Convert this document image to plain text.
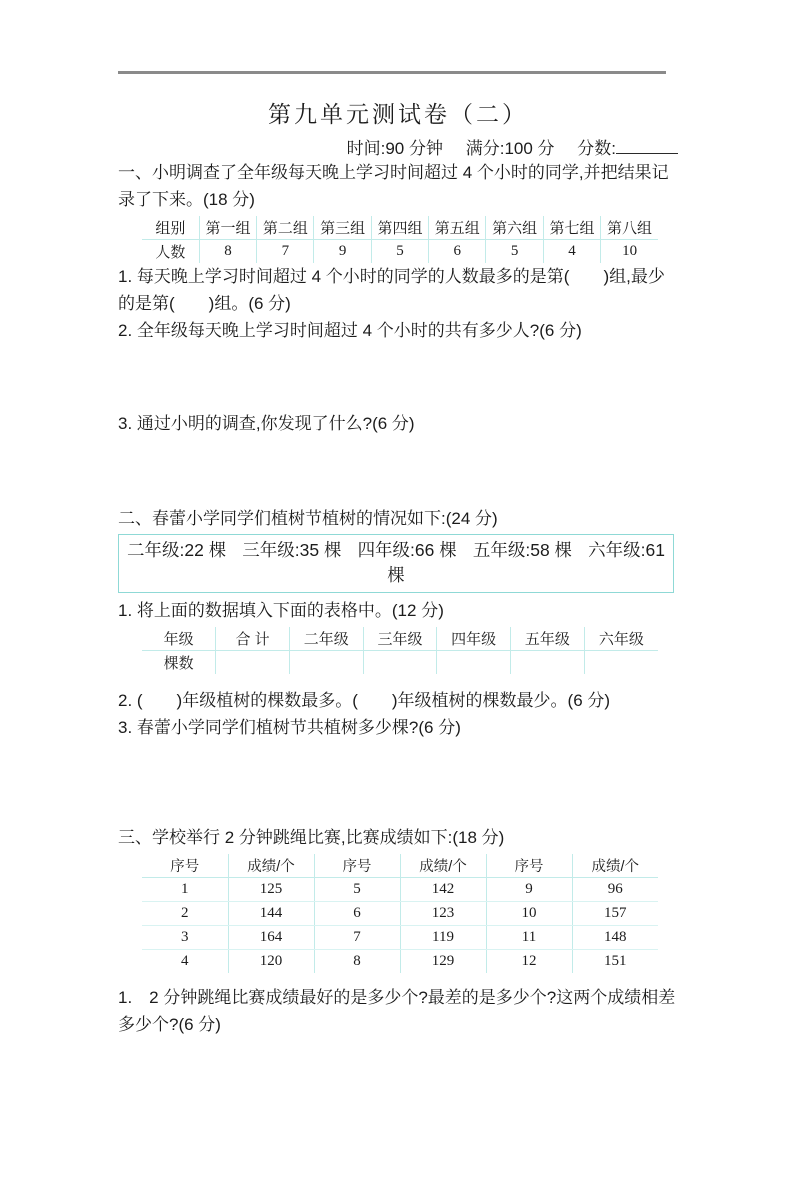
第九单元测试卷（二）
时间:90 分钟 满分:100 分 分数:

一、小明调查了全年级每天晚上学习时间超过 4 个小时的同学,并把结果记录了下来。(18 分)

组别	第一组	第二组	第三组	第四组	第五组	第六组	第七组	第八组
人数	8	7	9	5	6	5	4	10

1. 每天晚上学习时间超过 4 个小时的同学的人数最多的是第(　　)组,最少的是第(　　)组。(6 分)

2. 全年级每天晚上学习时间超过 4 个小时的共有多少人?(6 分)

3. 通过小明的调查,你发现了什么?(6 分)

二、春蕾小学同学们植树节植树的情况如下:(24 分)

二年级:22 棵 三年级:35 棵 四年级:66 棵 五年级:58 棵 六年级:61
棵

1. 将上面的数据填入下面的表格中。(12 分)

年级	合 计	二年级	三年级	四年级	五年级	六年级
棵数						

2. (　　)年级植树的棵数最多。(　　)年级植树的棵数最少。(6 分)

3. 春蕾小学同学们植树节共植树多少棵?(6 分)

三、学校举行 2 分钟跳绳比赛,比赛成绩如下:(18 分)

序号	成绩/个	序号	成绩/个	序号	成绩/个
1	125	5	142	9	96
2	144	6	123	10	157
3	164	7	119	11	148
4	120	8	129	12	151

1.　2 分钟跳绳比赛成绩最好的是多少个?最差的是多少个?这两个成绩相差多少个?(6 分)
